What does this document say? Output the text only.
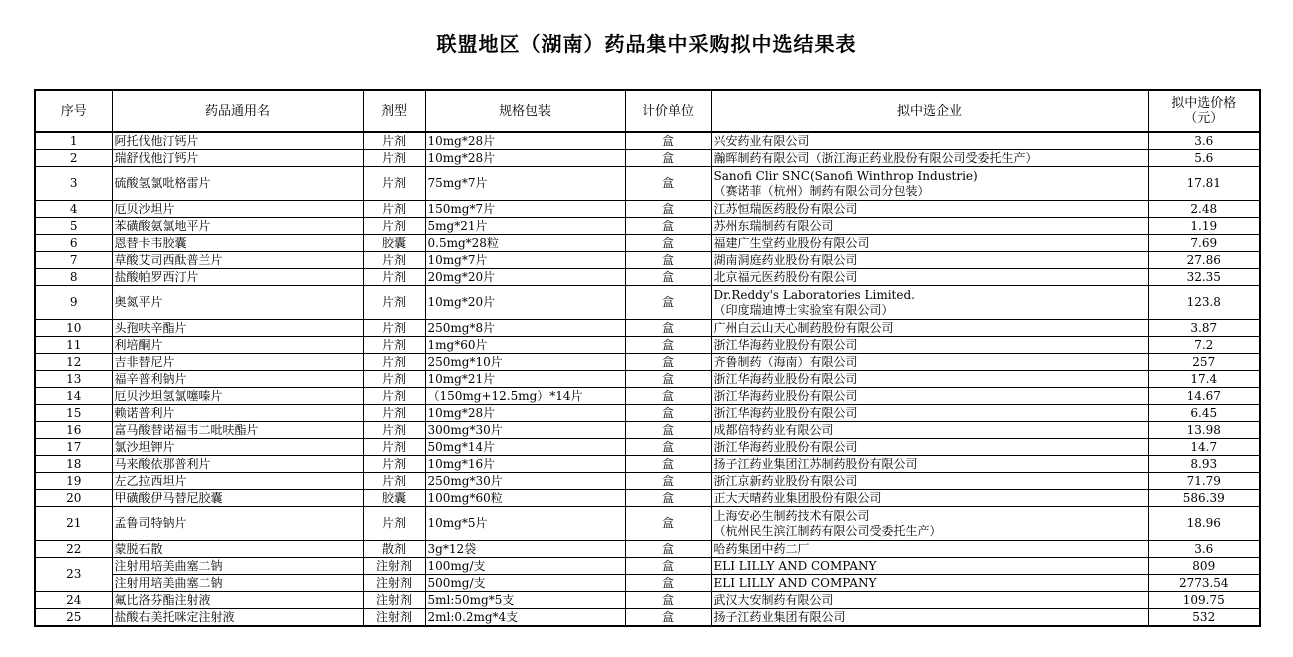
联盟地区（湖南）药品集中采购拟中选结果表
序号	药品通用名	剂型	规格包装	计价单位	拟中选企业	拟中选价格
（元）

1	阿托伐他汀钙片	片剂	10mg*28片	盒	兴安药业有限公司	3.6
2	瑞舒伐他汀钙片	片剂	10mg*28片	盒	瀚晖制药有限公司（浙江海正药业股份有限公司受委托生产）	5.6
3	硫酸氢氯吡格雷片	片剂	75mg*7片	盒	Sanofi Clir SNC(Sanofi Winthrop Industrie)
（赛诺菲（杭州）制药有限公司分包装）	17.81
4	厄贝沙坦片	片剂	150mg*7片	盒	江苏恒瑞医药股份有限公司	2.48
5	苯磺酸氨氯地平片	片剂	5mg*21片	盒	苏州东瑞制药有限公司	1.19
6	恩替卡韦胶囊	胶囊	0.5mg*28粒	盒	福建广生堂药业股份有限公司	7.69
7	草酸艾司西酞普兰片	片剂	10mg*7片	盒	湖南洞庭药业股份有限公司	27.86
8	盐酸帕罗西汀片	片剂	20mg*20片	盒	北京福元医药股份有限公司	32.35
9	奥氮平片	片剂	10mg*20片	盒	Dr.Reddy's Laboratories Limited.
（印度瑞迪博士实验室有限公司）	123.8
10	头孢呋辛酯片	片剂	250mg*8片	盒	广州白云山天心制药股份有限公司	3.87
11	利培酮片	片剂	1mg*60片	盒	浙江华海药业股份有限公司	7.2
12	吉非替尼片	片剂	250mg*10片	盒	齐鲁制药（海南）有限公司	257
13	福辛普利钠片	片剂	10mg*21片	盒	浙江华海药业股份有限公司	17.4
14	厄贝沙坦氢氯噻嗪片	片剂	（150mg+12.5mg）*14片	盒	浙江华海药业股份有限公司	14.67
15	赖诺普利片	片剂	10mg*28片	盒	浙江华海药业股份有限公司	6.45
16	富马酸替诺福韦二吡呋酯片	片剂	300mg*30片	盒	成都倍特药业有限公司	13.98
17	氯沙坦钾片	片剂	50mg*14片	盒	浙江华海药业股份有限公司	14.7
18	马来酸依那普利片	片剂	10mg*16片	盒	扬子江药业集团江苏制药股份有限公司	8.93
19	左乙拉西坦片	片剂	250mg*30片	盒	浙江京新药业股份有限公司	71.79
20	甲磺酸伊马替尼胶囊	胶囊	100mg*60粒	盒	正大天晴药业集团股份有限公司	586.39
21	孟鲁司特钠片	片剂	10mg*5片	盒	上海安必生制药技术有限公司
（杭州民生滨江制药有限公司受委托生产）	18.96
22	蒙脱石散	散剂	3g*12袋	盒	哈药集团中药二厂	3.6
23	注射用培美曲塞二钠	注射剂	100mg/支	盒	ELI LILLY AND COMPANY	809
	注射用培美曲塞二钠	注射剂	500mg/支	盒	ELI LILLY AND COMPANY	2773.54
24	氟比洛芬酯注射液	注射剂	5ml:50mg*5支	盒	武汉大安制药有限公司	109.75
25	盐酸右美托咪定注射液	注射剂	2ml:0.2mg*4支	盒	扬子江药业集团有限公司	532
